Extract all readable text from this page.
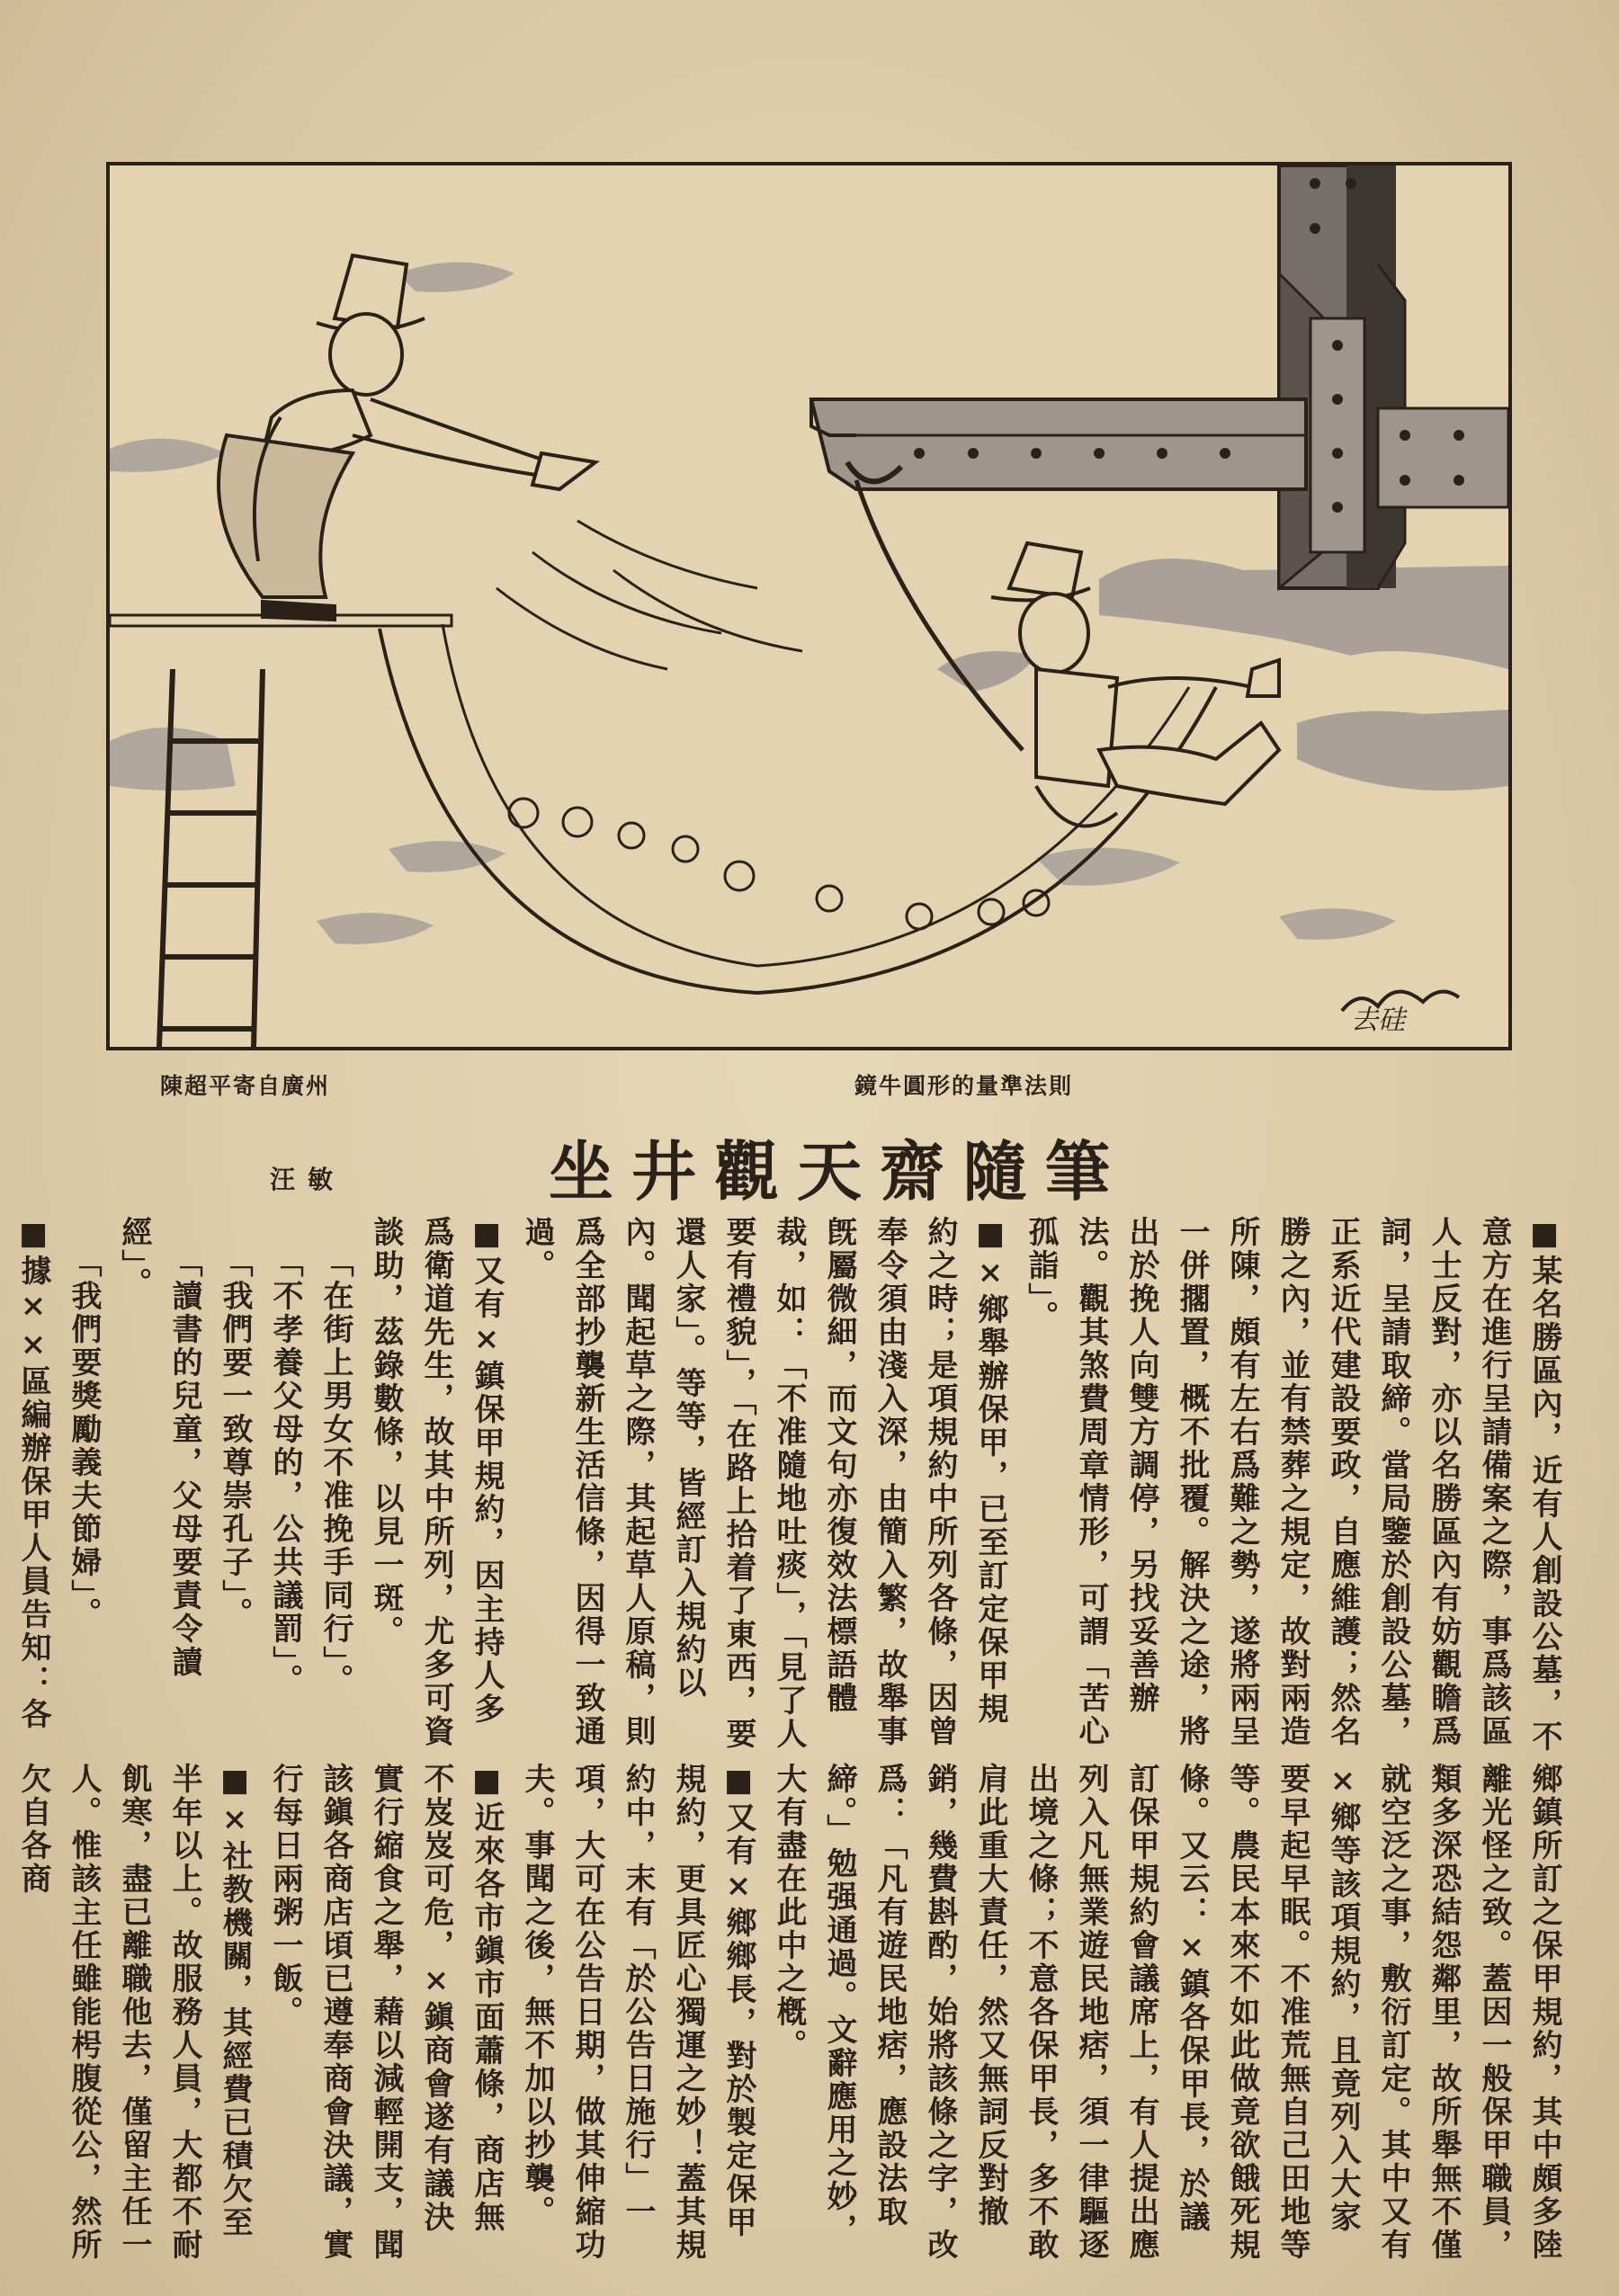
去硅
陳超平寄自廣州	鏡牛圓形的量準法則
坐井觀天齋隨筆
汪敏

■某名勝區內，近有人創設公墓，不意方在進行呈請備案之際，事爲該區人士反對，亦以名勝區內有妨觀瞻爲詞，呈請取締。當局鑒於創設公墓，正系近代建設要政，自應維護；然名勝之內，並有禁葬之規定，故對兩造所陳，頗有左右爲難之勢，遂將兩呈一併擱置，概不批覆。解決之途，將出於挽人向雙方調停，另找妥善辦法。觀其煞費周章情形，可謂「苦心孤詣」。

■×鄉舉辦保甲，已至訂定保甲規約之時；是項規約中所列各條，因曾奉令須由淺入深，由簡入繁，故舉事旣屬微細，而文句亦復效法標語體裁，如：「不准隨地吐痰」，「見了人要有禮貌」，「在路上拾着了東西，要還人家」。等等，皆經訂入規約以內。聞起草之際，其起草人原稿，則爲全部抄襲新生活信條，因得一致通過。

■又有×鎮保甲規約，因主持人多爲衛道先生，故其中所列，尤多可資談助，茲錄數條，以見一斑。

「在街上男女不准挽手同行」。

「不孝養父母的，公共議罰」。

「我們要一致尊崇孔子」。

「讀書的兒童，父母要責令讀經」。

「我們要獎勵義夫節婦」。

■據××區編辦保甲人員告知：各

鄉鎮所訂之保甲規約，其中頗多陸離光怪之致。蓋因一般保甲職員，類多深恐結怨鄰里，故所舉無不僅就空泛之事，敷衍訂定。其中又有×鄉等該項規約，且竟列入大家要早起早眠。不准荒無自己田地等等。農民本來不如此做竟欲餓死規條。又云：×鎮各保甲長，於議訂保甲規約會議席上，有人提出應列入凡無業遊民地痞，須一律驅逐出境之條；不意各保甲長，多不敢肩此重大責任，然又無詞反對撤銷，幾費斟酌，始將該條之字，改爲：「凡有遊民地痞，應設法取締。」勉强通過。文辭應用之妙，大有盡在此中之槪。

■又有×鄉鄉長，對於製定保甲規約，更具匠心獨運之妙！蓋其規約中，末有「於公告日施行」一項，大可在公告日期，做其伸縮功夫。事聞之後，無不加以抄襲。

■近來各市鎭市面蕭條，商店無不岌岌可危，×鎭商會遂有議決實行縮食之舉，藉以減輕開支，聞該鎭各商店頃已遵奉商會決議，實行每日兩粥一飯。

■×社教機關，其經費已積欠至半年以上。故服務人員，大都不耐飢寒，盡已離職他去，僅留主任一人。惟該主任雖能枵腹從公，然所欠自各商
